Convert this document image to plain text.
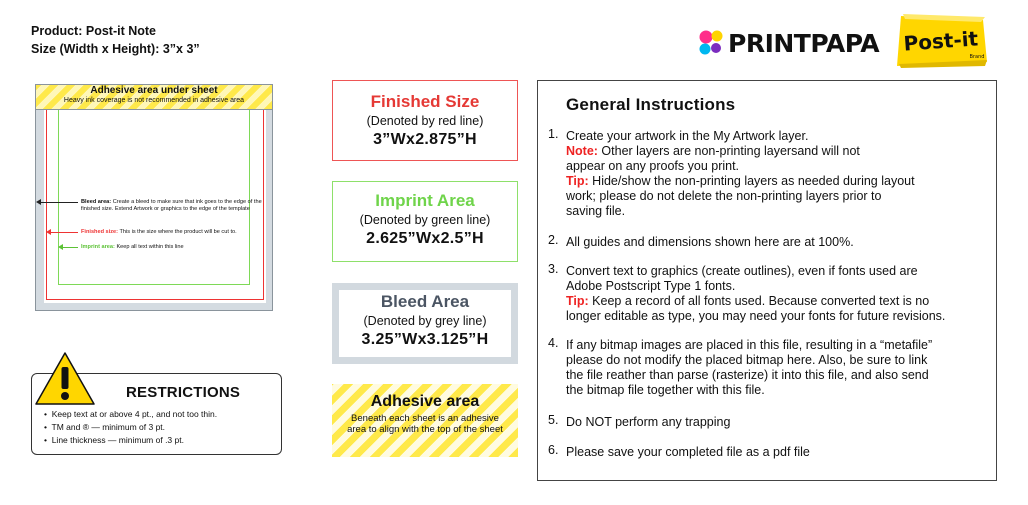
Product: Post-it Note
Size (Width x Height): 3”x 3”	PRINTPAPA Post-it
Brand
Adhesive area under sheet
Heavy ink coverage is not recommended in adhesive area
Bleed area: Create a bleed to make sure that ink goes to the edge of the finished size. Extend Artwork or graphics to the edge of the template
Finished size: This is the size where the product will be cut to.
Imprint area: Keep all text within this line
RESTRICTIONS
•  Keep text at or above 4 pt., and not too thin.
•  TM and ® — minimum of 3 pt.
•  Line thickness — minimum of .3 pt.
Finished Size
(Denoted by red line)
3”Wx2.875”H
Imprint Area
(Denoted by green line)
2.625”Wx2.5”H
Bleed Area
(Denoted by grey line)
3.25”Wx3.125”H
Adhesive area
Beneath each sheet is an adhesive area to align with the top of the sheet
General Instructions
1. Create your artwork in the My Artwork layer.
Note: Other layers are non-printing layersand will not
appear on any proofs you print.
Tip: Hide/show the non-printing layers as needed during layout
work; please do not delete the non-printing layers prior to
saving file.
2. All guides and dimensions shown here are at 100%.
3. Convert text to graphics (create outlines), even if fonts used are
Adobe Postscript Type 1 fonts.
Tip: Keep a record of all fonts used. Because converted text is no
longer editable as type, you may need your fonts for future revisions.
4. If any bitmap images are placed in this file, resulting in a “metafile”
please do not modify the placed bitmap here. Also, be sure to link
the file reather than parse (rasterize) it into this file, and also send
the bitmap file together with this file.
5. Do NOT perform any trapping
6. Please save your completed file as a pdf file
